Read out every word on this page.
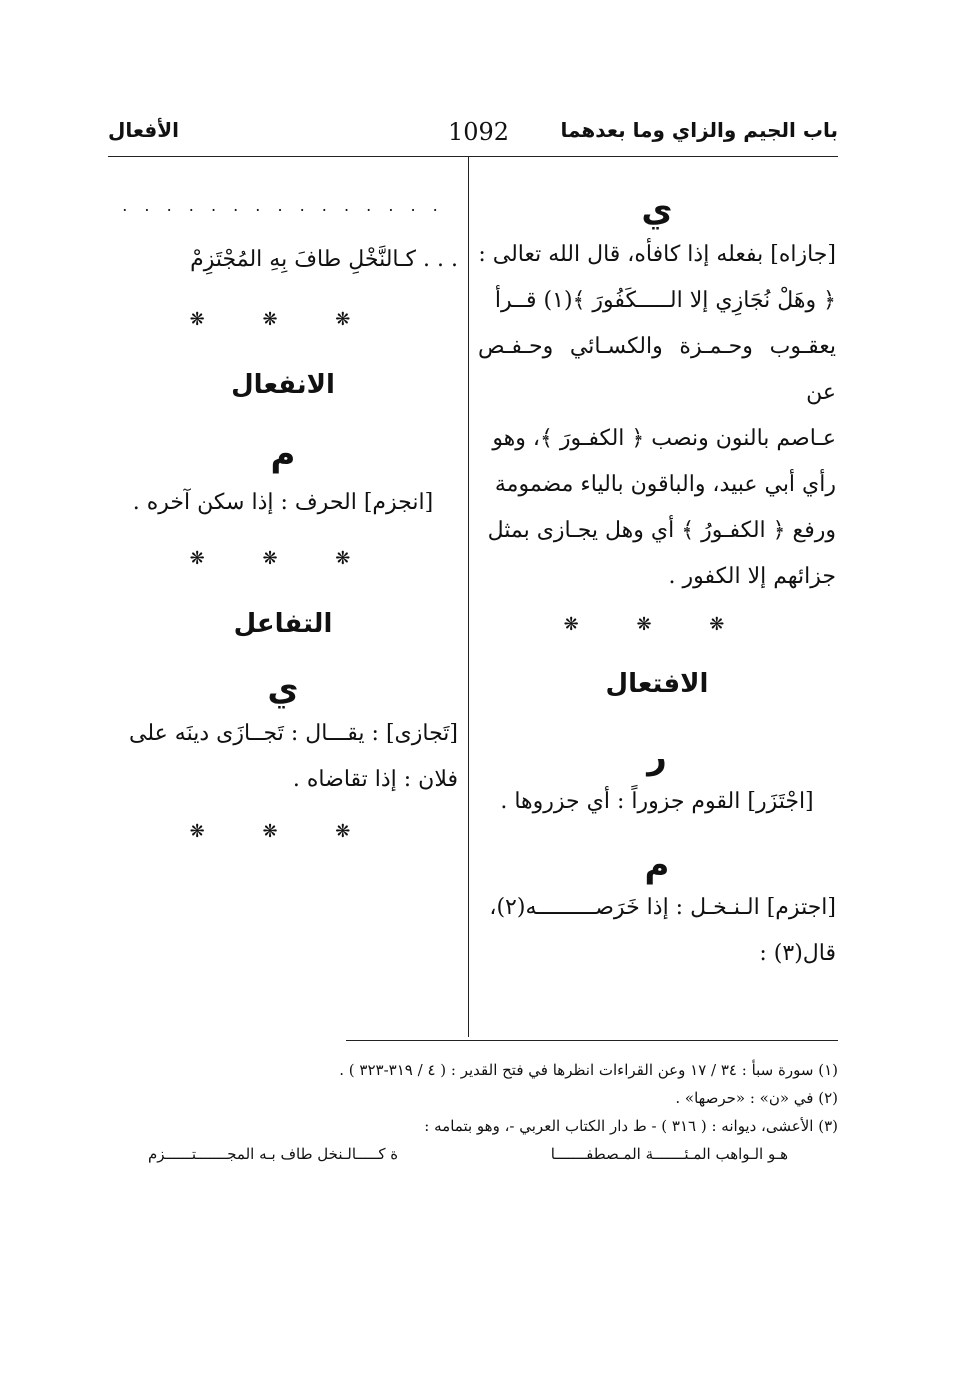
باب الجيم والزاي وما بعدهما
1092
الأفعال

ي

[جازاه] بفعله إذا كافأه، قال الله تعالى :

﴿ وهَلْ نُجَازِي إلا الـــــكَفُورَ ﴾(١) قــرأ

يعقـوب وحـمـزة والكسـائي وحـفـص عن

عـاصم بالنون ونصب ﴿ الكفـورَ ﴾، وهو

رأي أبي عبيد، والباقون بالياء مضمومة

ورفع ﴿ الكفـورُ ﴾ أي وهل يجـازى بمثل

جزائهم إلا الكفور .

❋ ❋ ❋

الافتعال

ر

[اجْتَزَر] القوم جزوراً : أي جزروها .

م

[اجتزم] الـنـخـل : إذا خَرَصـــــــــه(٢)،

قال(٣) :

. . . . . . . . . . . . . . .

. . . كـالنَّخْلِ طافَ بِهِ المُجْتَزِمْ

❋ ❋ ❋

الانفعال

م

[انجزم] الحرف : إذا سكن آخره .

❋ ❋ ❋

التفاعل

ي

[تَجازى] : يقـــال : تَجــازَى دينَه على

فلان : إذا تقاضاه .

❋ ❋ ❋

(١) سورة سبأ : ٣٤ / ١٧ وعن القراءات انظرها في فتح القدير : ( ٤ / ٣١٩-٣٢٣ ) .

(٢) في «ن» : «حرصها» .

(٣) الأعشى، ديوانه : ( ٣١٦ ) - ط دار الكتاب العربي -، وهو بتمامه :

هـو الـواهب المـئـــــــة المـصطفـــــــا
ة كـــــالـنخل طاف بـه المجـــــــتــــــزم
